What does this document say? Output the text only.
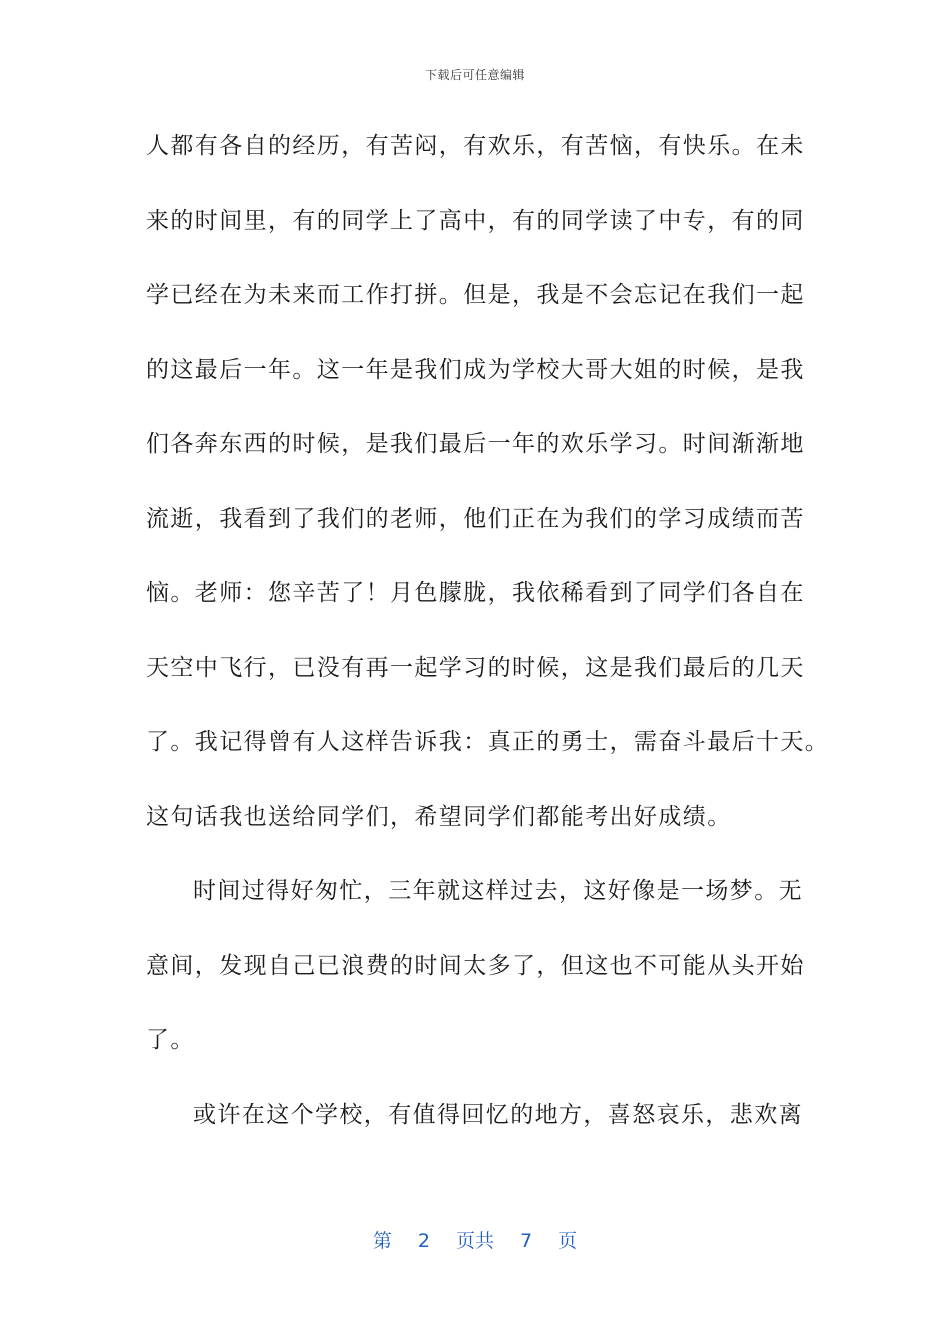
下载后可任意编辑
人都有各自的经历，有苦闷，有欢乐，有苦恼，有快乐。在未
来的时间里，有的同学上了高中，有的同学读了中专，有的同
学已经在为未来而工作打拼。但是，我是不会忘记在我们一起
的这最后一年。这一年是我们成为学校大哥大姐的时候，是我
们各奔东西的时候，是我们最后一年的欢乐学习。时间渐渐地
流逝，我看到了我们的老师，他们正在为我们的学习成绩而苦
恼。老师：您辛苦了！月色朦胧，我依稀看到了同学们各自在
天空中飞行，已没有再一起学习的时候，这是我们最后的几天
了。我记得曾有人这样告诉我：真正的勇士，需奋斗最后十天。
这句话我也送给同学们，希望同学们都能考出好成绩。
时间过得好匆忙，三年就这样过去，这好像是一场梦。无
意间，发现自己已浪费的时间太多了，但这也不可能从头开始
了。
或许在这个学校，有值得回忆的地方，喜怒哀乐，悲欢离
第 2 页共 7 页
